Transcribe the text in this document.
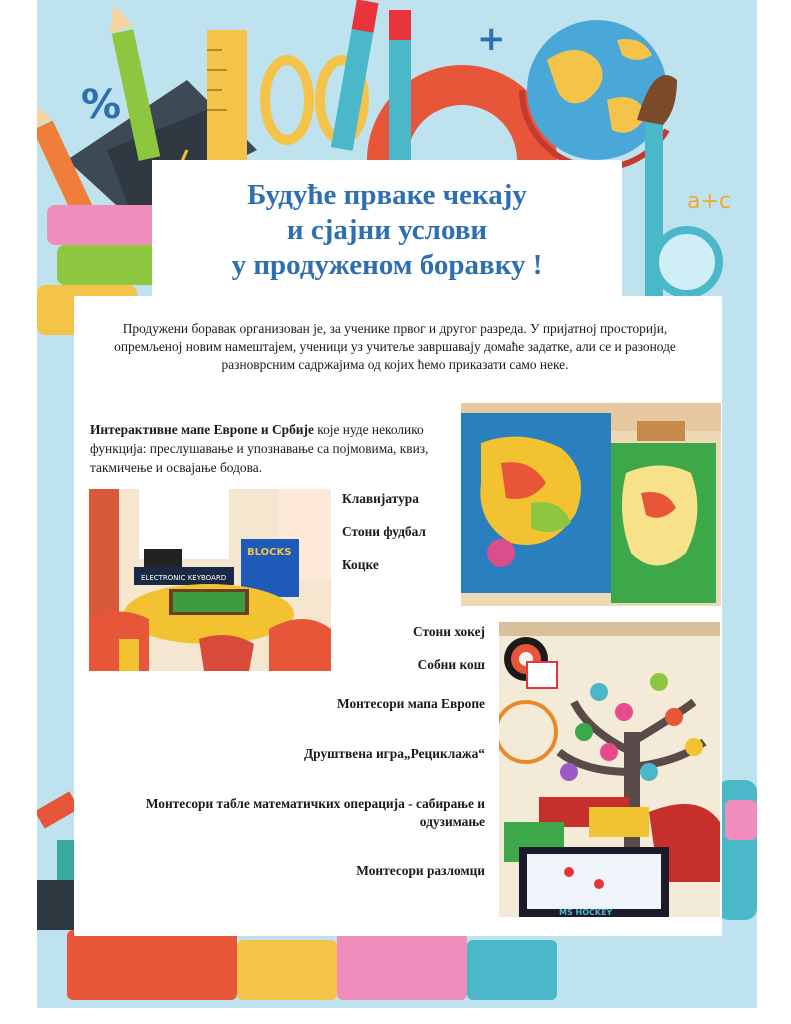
%
+
a+c
Будуће прваке чекају
и сјајни услови
у продуженом боравку !

Продужени боравак организован је, за ученике првог и другог разреда. У пријатној просторији, опремљеној новим намештајем, ученици уз учитеље завршавају домаће задатке, али се и разоноде разноврсним садржајима од којих ћемо приказати само неке.

Интерактивне мапе Европе и Србије које нуде неколико функција: преслушавање и упознавање са појмовима, квиз, такмичење и освајање бодова.

ELECTRONIC KEYBOARD
BLOCKS
MS HOCKEY

Клавијатура

Стони фудбал

Коцке

Стони хокеј

Собни кош

Монтесори мапа Европе

Друштвена игра„Рециклажа“

Монтесори табле математичких операција - сабирање и одузимање

Монтесори разломци
